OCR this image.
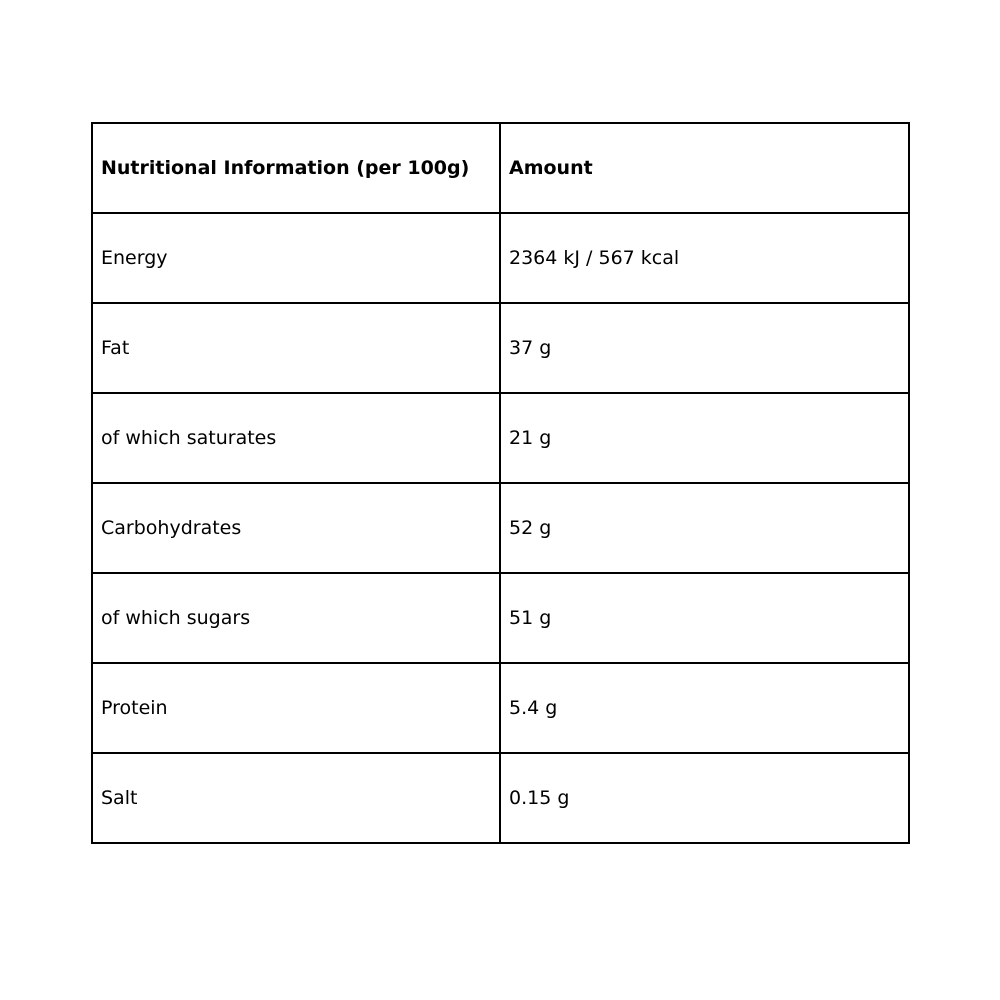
Nutritional Information (per 100g)	Amount
Energy	2364 kJ / 567 kcal
Fat	37 g
of which saturates	21 g
Carbohydrates	52 g
of which sugars	51 g
Protein	5.4 g
Salt	0.15 g
